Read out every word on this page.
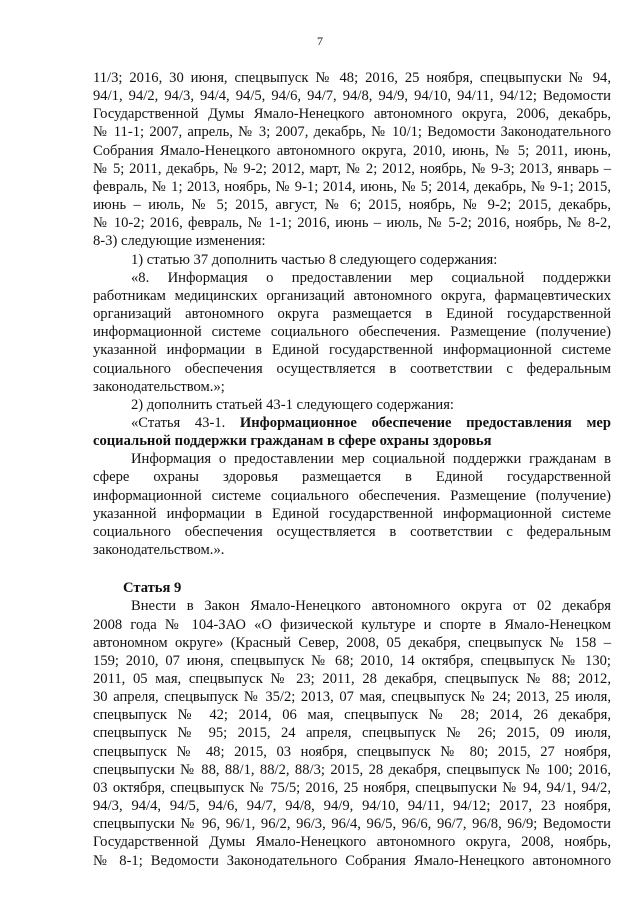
7
11/3; 2016, 30 июня, спецвыпуск № 48; 2016, 25 ноября, спецвыпуски № 94,
94/1, 94/2, 94/3, 94/4, 94/5, 94/6, 94/7, 94/8, 94/9, 94/10, 94/11, 94/12; Ведомости
Государственной Думы Ямало-Ненецкого автономного округа, 2006, декабрь,
№ 11-1; 2007, апрель, № 3; 2007, декабрь, № 10/1; Ведомости Законодательного
Собрания Ямало-Ненецкого автономного округа, 2010, июнь, № 5; 2011, июнь,
№ 5; 2011, декабрь, № 9-2; 2012, март, № 2; 2012, ноябрь, № 9-3; 2013, январь –
февраль, № 1; 2013, ноябрь, № 9-1; 2014, июнь, № 5; 2014, декабрь, № 9-1; 2015,
июнь – июль, № 5; 2015, август, № 6; 2015, ноябрь, № 9-2; 2015, декабрь,
№ 10-2; 2016, февраль, № 1-1; 2016, июнь – июль, № 5-2; 2016, ноябрь, № 8-2,
8-3) следующие изменения:
1) статью 37 дополнить частью 8 следующего содержания:
«8. Информация о предоставлении мер социальной поддержки
работникам медицинских организаций автономного округа, фармацевтических
организаций автономного округа размещается в Единой государственной
информационной системе социального обеспечения. Размещение (получение)
указанной информации в Единой государственной информационной системе
социального обеспечения осуществляется в соответствии с федеральным
законодательством.»;
2) дополнить статьей 43-1 следующего содержания:
«Статья 43-1. Информационное обеспечение предоставления мер
социальной поддержки гражданам в сфере охраны здоровья
Информация о предоставлении мер социальной поддержки гражданам в
сфере охраны здоровья размещается в Единой государственной
информационной системе социального обеспечения. Размещение (получение)
указанной информации в Единой государственной информационной системе
социального обеспечения осуществляется в соответствии с федеральным
законодательством.».
Статья 9
Внести в Закон Ямало-Ненецкого автономного округа от 02 декабря
2008 года № 104-ЗАО «О физической культуре и спорте в Ямало-Ненецком
автономном округе» (Красный Север, 2008, 05 декабря, спецвыпуск № 158 –
159; 2010, 07 июня, спецвыпуск № 68; 2010, 14 октября, спецвыпуск № 130;
2011, 05 мая, спецвыпуск № 23; 2011, 28 декабря, спецвыпуск № 88; 2012,
30 апреля, спецвыпуск № 35/2; 2013, 07 мая, спецвыпуск № 24; 2013, 25 июля,
спецвыпуск № 42; 2014, 06 мая, спецвыпуск № 28; 2014, 26 декабря,
спецвыпуск № 95; 2015, 24 апреля, спецвыпуск № 26; 2015, 09 июля,
спецвыпуск № 48; 2015, 03 ноября, спецвыпуск № 80; 2015, 27 ноября,
спецвыпуски № 88, 88/1, 88/2, 88/3; 2015, 28 декабря, спецвыпуск № 100; 2016,
03 октября, спецвыпуск № 75/5; 2016, 25 ноября, спецвыпуски № 94, 94/1, 94/2,
94/3, 94/4, 94/5, 94/6, 94/7, 94/8, 94/9, 94/10, 94/11, 94/12; 2017, 23 ноября,
спецвыпуски № 96, 96/1, 96/2, 96/3, 96/4, 96/5, 96/6, 96/7, 96/8, 96/9; Ведомости
Государственной Думы Ямало-Ненецкого автономного округа, 2008, ноябрь,
№ 8-1; Ведомости Законодательного Собрания Ямало-Ненецкого автономного
